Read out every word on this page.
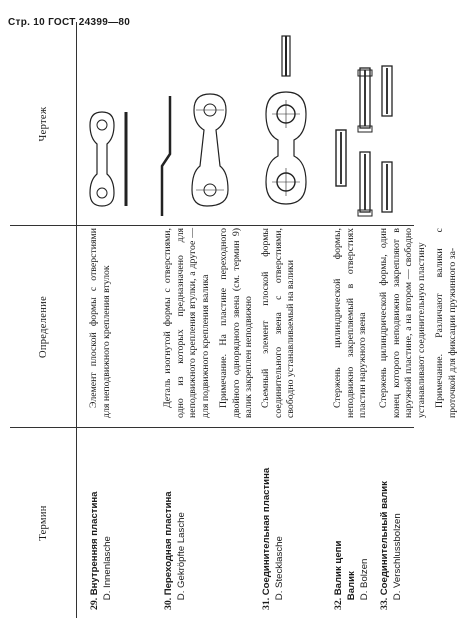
Стр. 10 ГОСТ 24399—80
Термин
Определение
Чертеж
29. Внутренняя пластина D. Innenlasche

Элемент плоской формы с отверстиями для неподвижного крепления втулок

30. Переходная пластина D. Gekröpfte Lasche

Деталь изогнутой формы с отверстиями, одно из которых предназначено для неподвижного крепления втулки, а другое — для подвижного крепления валика Примечание. На пластине переходного двойного однорядного звена (см. термин 9) валик закреплен неподвижно

31. Соединительная пластина D. Stecklasche

Съемный элемент плоской формы соединительного звена с отверстиями, свободно устанавливаемый на валики

32. Валик цепи Валик D. Bolzen

Стержень цилиндрической формы, неподвижно закрепляемый в отверстиях пластин наружного звена

33. Соединительный валик D. Verschlussbolzen

Стержень цилиндрической формы, один конец которого неподвижно закрепляют в наружной пластине, а на втором — свободно устанавливают соединительную пластину Примечание. Различают валики с проточкой для фиксации пружинного за-
